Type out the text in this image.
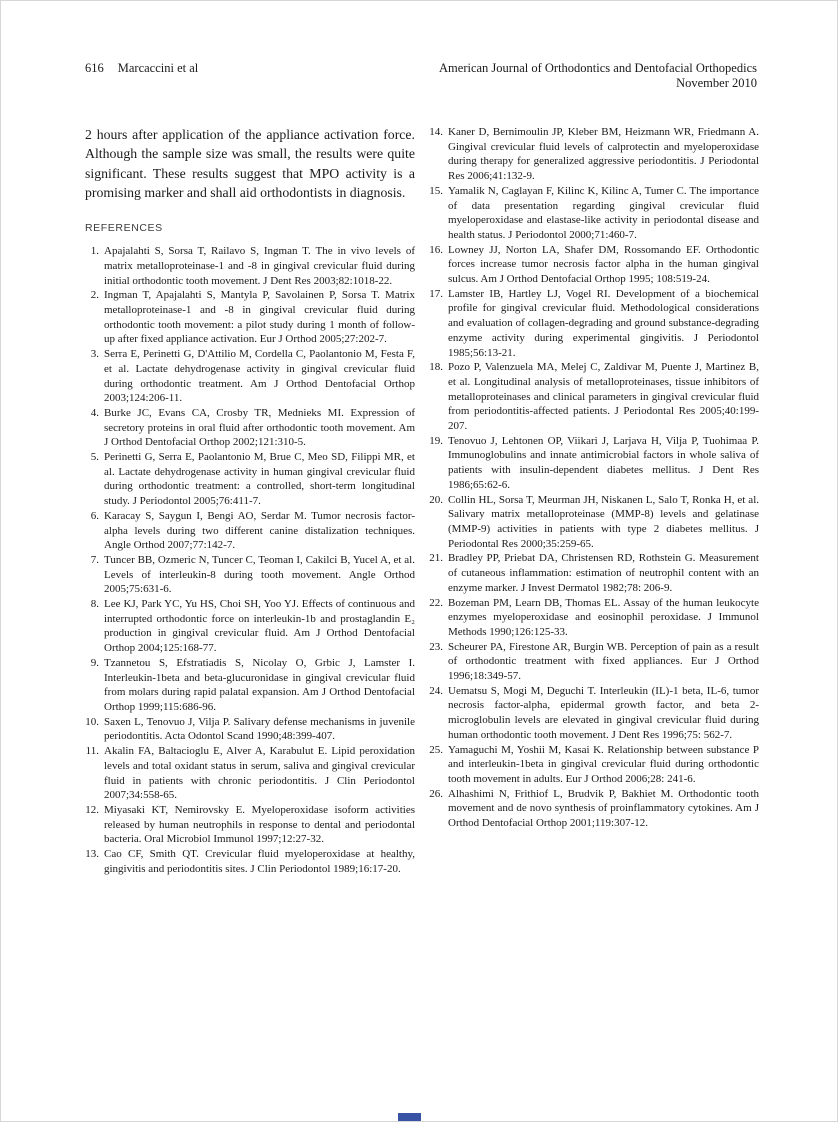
616 Marcaccini et al	American Journal of Orthodontics and Dentofacial Orthopedics
November 2010

2 hours after application of the appliance activation force. Although the sample size was small, the results were quite significant. These results suggest that MPO activity is a promising marker and shall aid orthodontists in diagnosis.

REFERENCES
1. Apajalahti S, Sorsa T, Railavo S, Ingman T. The in vivo levels of matrix metalloproteinase-1 and -8 in gingival crevicular fluid during initial orthodontic tooth movement. J Dent Res 2003;82:1018-22.
2. Ingman T, Apajalahti S, Mantyla P, Savolainen P, Sorsa T. Matrix metalloproteinase-1 and -8 in gingival crevicular fluid during orthodontic tooth movement: a pilot study during 1 month of follow-up after fixed appliance activation. Eur J Orthod 2005;27:202-7.
3. Serra E, Perinetti G, D'Attilio M, Cordella C, Paolantonio M, Festa F, et al. Lactate dehydrogenase activity in gingival crevicular fluid during orthodontic treatment. Am J Orthod Dentofacial Orthop 2003;124:206-11.
4. Burke JC, Evans CA, Crosby TR, Mednieks MI. Expression of secretory proteins in oral fluid after orthodontic tooth movement. Am J Orthod Dentofacial Orthop 2002;121:310-5.
5. Perinetti G, Serra E, Paolantonio M, Brue C, Meo SD, Filippi MR, et al. Lactate dehydrogenase activity in human gingival crevicular fluid during orthodontic treatment: a controlled, short-term longitudinal study. J Periodontol 2005;76:411-7.
6. Karacay S, Saygun I, Bengi AO, Serdar M. Tumor necrosis factor-alpha levels during two different canine distalization techniques. Angle Orthod 2007;77:142-7.
7. Tuncer BB, Ozmeric N, Tuncer C, Teoman I, Cakilci B, Yucel A, et al. Levels of interleukin-8 during tooth movement. Angle Orthod 2005;75:631-6.
8. Lee KJ, Park YC, Yu HS, Choi SH, Yoo YJ. Effects of continuous and interrupted orthodontic force on interleukin-1b and prostaglandin E₂ production in gingival crevicular fluid. Am J Orthod Dentofacial Orthop 2004;125:168-77.
9. Tzannetou S, Efstratiadis S, Nicolay O, Grbic J, Lamster I. Interleukin-1beta and beta-glucuronidase in gingival crevicular fluid from molars during rapid palatal expansion. Am J Orthod Dentofacial Orthop 1999;115:686-96.
10. Saxen L, Tenovuo J, Vilja P. Salivary defense mechanisms in juvenile periodontitis. Acta Odontol Scand 1990;48:399-407.
11. Akalin FA, Baltacioglu E, Alver A, Karabulut E. Lipid peroxidation levels and total oxidant status in serum, saliva and gingival crevicular fluid in patients with chronic periodontitis. J Clin Periodontol 2007;34:558-65.
12. Miyasaki KT, Nemirovsky E. Myeloperoxidase isoform activities released by human neutrophils in response to dental and periodontal bacteria. Oral Microbiol Immunol 1997;12:27-32.
13. Cao CF, Smith QT. Crevicular fluid myeloperoxidase at healthy, gingivitis and periodontitis sites. J Clin Periodontol 1989;16:17-20.
14. Kaner D, Bernimoulin JP, Kleber BM, Heizmann WR, Friedmann A. Gingival crevicular fluid levels of calprotectin and myeloperoxidase during therapy for generalized aggressive periodontitis. J Periodontal Res 2006;41:132-9.
15. Yamalik N, Caglayan F, Kilinc K, Kilinc A, Tumer C. The importance of data presentation regarding gingival crevicular fluid myeloperoxidase and elastase-like activity in periodontal disease and health status. J Periodontol 2000;71:460-7.
16. Lowney JJ, Norton LA, Shafer DM, Rossomando EF. Orthodontic forces increase tumor necrosis factor alpha in the human gingival sulcus. Am J Orthod Dentofacial Orthop 1995; 108:519-24.
17. Lamster IB, Hartley LJ, Vogel RI. Development of a biochemical profile for gingival crevicular fluid. Methodological considerations and evaluation of collagen-degrading and ground substance-degrading enzyme activity during experimental gingivitis. J Periodontol 1985;56:13-21.
18. Pozo P, Valenzuela MA, Melej C, Zaldivar M, Puente J, Martinez B, et al. Longitudinal analysis of metalloproteinases, tissue inhibitors of metalloproteinases and clinical parameters in gingival crevicular fluid from periodontitis-affected patients. J Periodontal Res 2005;40:199-207.
19. Tenovuo J, Lehtonen OP, Viikari J, Larjava H, Vilja P, Tuohimaa P. Immunoglobulins and innate antimicrobial factors in whole saliva of patients with insulin-dependent diabetes mellitus. J Dent Res 1986;65:62-6.
20. Collin HL, Sorsa T, Meurman JH, Niskanen L, Salo T, Ronka H, et al. Salivary matrix metalloproteinase (MMP-8) levels and gelatinase (MMP-9) activities in patients with type 2 diabetes mellitus. J Periodontal Res 2000;35:259-65.
21. Bradley PP, Priebat DA, Christensen RD, Rothstein G. Measurement of cutaneous inflammation: estimation of neutrophil content with an enzyme marker. J Invest Dermatol 1982;78: 206-9.
22. Bozeman PM, Learn DB, Thomas EL. Assay of the human leukocyte enzymes myeloperoxidase and eosinophil peroxidase. J Immunol Methods 1990;126:125-33.
23. Scheurer PA, Firestone AR, Burgin WB. Perception of pain as a result of orthodontic treatment with fixed appliances. Eur J Orthod 1996;18:349-57.
24. Uematsu S, Mogi M, Deguchi T. Interleukin (IL)-1 beta, IL-6, tumor necrosis factor-alpha, epidermal growth factor, and beta 2-microglobulin levels are elevated in gingival crevicular fluid during human orthodontic tooth movement. J Dent Res 1996;75: 562-7.
25. Yamaguchi M, Yoshii M, Kasai K. Relationship between substance P and interleukin-1beta in gingival crevicular fluid during orthodontic tooth movement in adults. Eur J Orthod 2006;28: 241-6.
26. Alhashimi N, Frithiof L, Brudvik P, Bakhiet M. Orthodontic tooth movement and de novo synthesis of proinflammatory cytokines. Am J Orthod Dentofacial Orthop 2001;119:307-12.
